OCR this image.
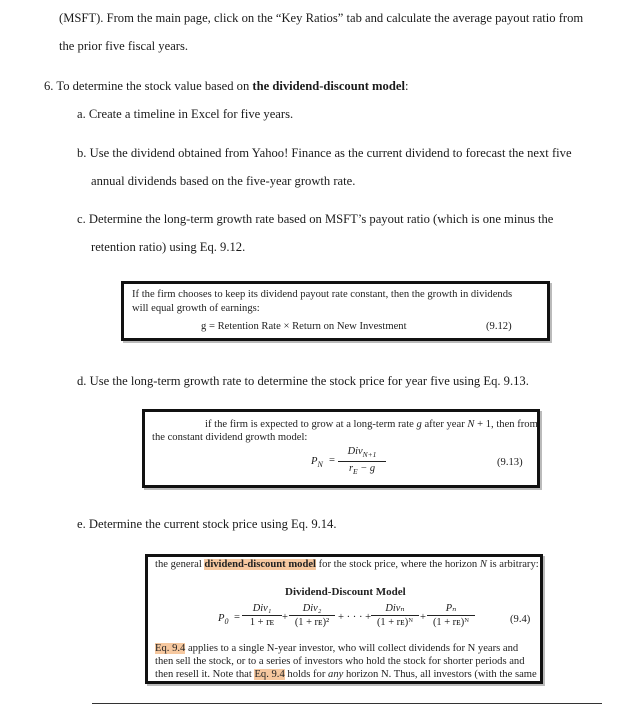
(MSFT). From the main page, click on the “Key Ratios” tab and calculate the average payout ratio from
the prior five fiscal years.
6. To determine the stock value based on the dividend-discount model:
a. Create a timeline in Excel for five years.
b. Use the dividend obtained from Yahoo! Finance as the current dividend to forecast the next five
annual dividends based on the five-year growth rate.
c. Determine the long-term growth rate based on MSFT’s payout ratio (which is one minus the
retention ratio) using Eq. 9.12.
If the firm chooses to keep its dividend payout rate constant, then the growth in dividends
will equal growth of earnings:
g = Retention Rate × Return on New Investment	(9.12)
d. Use the long-term growth rate to determine the stock price for year five using Eq. 9.13.
if the firm is expected to grow at a long-term rate g after year N + 1, then from
the constant dividend growth model:
$P_N$ =
Div$_{N+1}$
$r_E - g$
(9.13)
e. Determine the current stock price using Eq. 9.14.
the general dividend-discount model for the stock price, where the horizon N is arbitrary:
Dividend-Discount Model
$P_0$ =
Div₁
1 + rᴇ +
Div₂
(1 + rᴇ)² + · · · +
Divₙ
(1 + rᴇ)ᴺ +
Pₙ
(1 + rᴇ)ᴺ	(9.4)
Eq. 9.4 applies to a single N-year investor, who will collect dividends for N years and
then sell the stock, or to a series of investors who hold the stock for shorter periods and
then resell it. Note that Eq. 9.4 holds for any horizon N. Thus, all investors (with the same
